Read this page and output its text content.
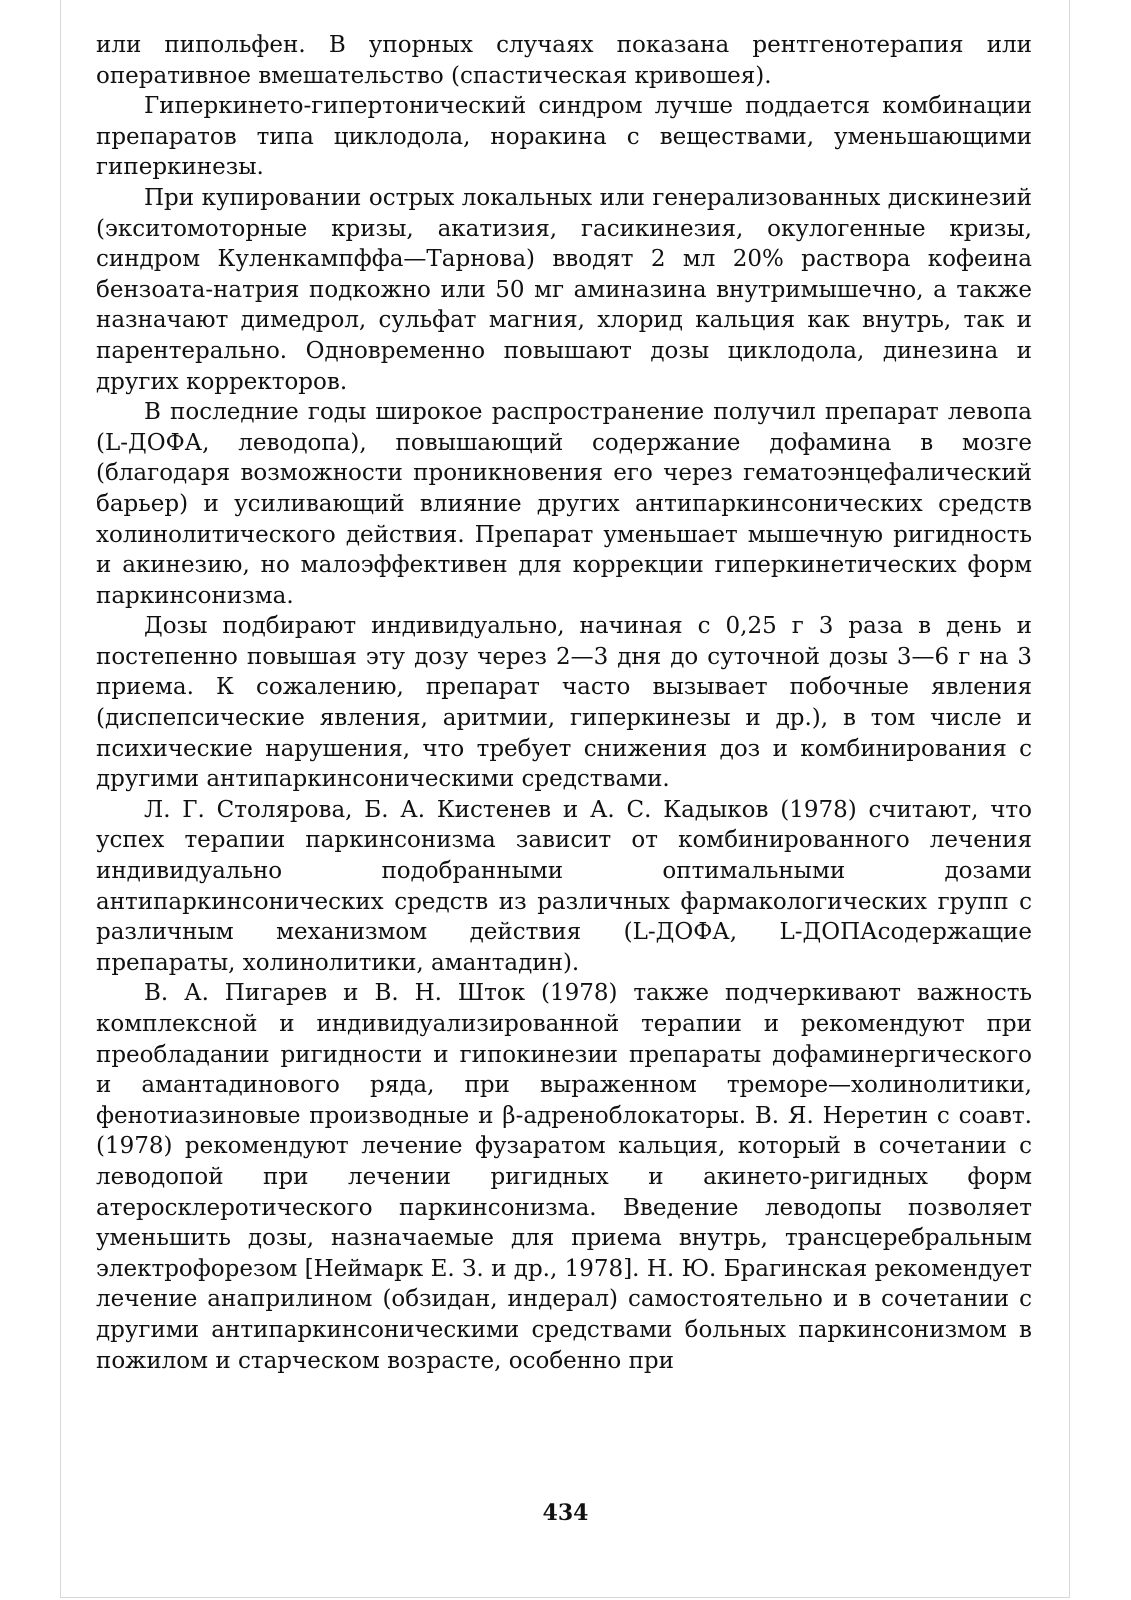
или пипольфен. В упорных случаях показана рентгенотерапия или оперативное вмешательство (спастическая кривошея).

Гиперкинето-гипертонический синдром лучше поддается комбинации препаратов типа циклодола, норакина с веществами, уменьшающими гиперкинезы.

При купировании острых локальных или генерализованных дискинезий (экситомоторные кризы, акатизия, гасикинезия, окулогенные кризы, синдром Куленкампффа—Тарнова) вводят 2 мл 20% раствора кофеина бензоата-натрия подкожно или 50 мг аминазина внутримышечно, а также назначают димедрол, сульфат магния, хлорид кальция как внутрь, так и парентерально. Одновременно повышают дозы циклодола, динезина и других корректоров.

В последние годы широкое распространение получил препарат левопа (L-ДОФА, леводопа), повышающий содержание дофамина в мозге (благодаря возможности проникновения его через гематоэнцефалический барьер) и усиливающий влияние других антипаркинсонических средств холинолитического действия. Препарат уменьшает мышечную ригидность и акинезию, но малоэффективен для коррекции гиперкинетических форм паркинсонизма.

Дозы подбирают индивидуально, начиная с 0,25 г 3 раза в день и постепенно повышая эту дозу через 2—3 дня до суточной дозы 3—6 г на 3 приема. К сожалению, препарат часто вызывает побочные явления (диспепсические явления, аритмии, гиперкинезы и др.), в том числе и психические нарушения, что требует снижения доз и комбинирования с другими антипаркинсоническими средствами.

Л. Г. Столярова, Б. А. Кистенев и А. С. Кадыков (1978) считают, что успех терапии паркинсонизма зависит от комбинированного лечения индивидуально подобранными оптимальными дозами антипаркинсонических средств из различных фармакологических групп с различным механизмом действия (L-ДОФА, L-ДОПАсодержащие препараты, холинолитики, амантадин).

В. А. Пигарев и В. Н. Шток (1978) также подчеркивают важность комплексной и индивидуализированной терапии и рекомендуют при преобладании ригидности и гипокинезии препараты дофаминергического и амантадинового ряда, при выраженном треморе—холинолитики, фенотиазиновые производные и β-адреноблокаторы. В. Я. Неретин с соавт. (1978) рекомендуют лечение фузаратом кальция, который в сочетании с леводопой при лечении ригидных и акинето-ригидных форм атеросклеротического паркинсонизма. Введение леводопы позволяет уменьшить дозы, назначаемые для приема внутрь, трансцеребральным электрофорезом [Неймарк Е. З. и др., 1978]. Н. Ю. Брагинская рекомендует лечение анаприлином (обзидан, индерал) самостоятельно и в сочетании с другими антипаркинсоническими средствами больных паркинсонизмом в пожилом и старческом возрасте, особенно при

434
